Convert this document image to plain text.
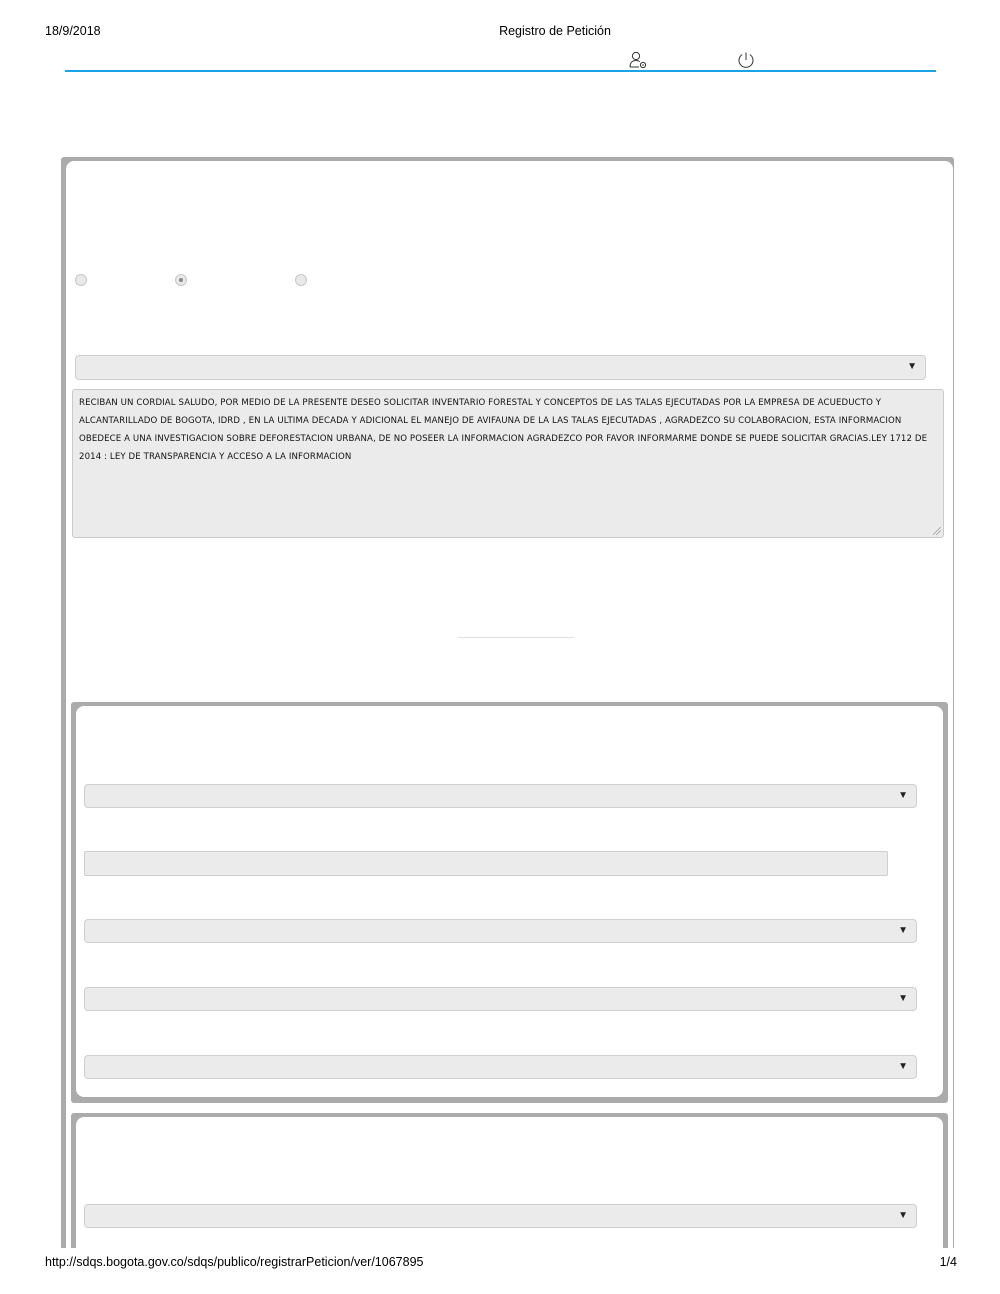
18/9/2018	Registro de Petición
▼
RECIBAN UN CORDIAL SALUDO, POR MEDIO DE LA PRESENTE DESEO SOLICITAR INVENTARIO FORESTAL Y CONCEPTOS DE LAS TALAS EJECUTADAS POR LA EMPRESA DE ACUEDUCTO Y ALCANTARILLADO DE BOGOTA, IDRD , EN LA ULTIMA DECADA Y ADICIONAL EL MANEJO DE AVIFAUNA DE LA LAS TALAS EJECUTADAS , AGRADEZCO SU COLABORACION, ESTA INFORMACION OBEDECE A UNA INVESTIGACION SOBRE DEFORESTACION URBANA, DE NO POSEER LA INFORMACION AGRADEZCO POR FAVOR INFORMARME DONDE SE PUEDE SOLICITAR GRACIAS.LEY 1712 DE 2014 : LEY DE TRANSPARENCIA Y ACCESO A LA INFORMACION
▼
▼
▼
▼
▼
http://sdqs.bogota.gov.co/sdqs/publico/registrarPeticion/ver/1067895	1/4
